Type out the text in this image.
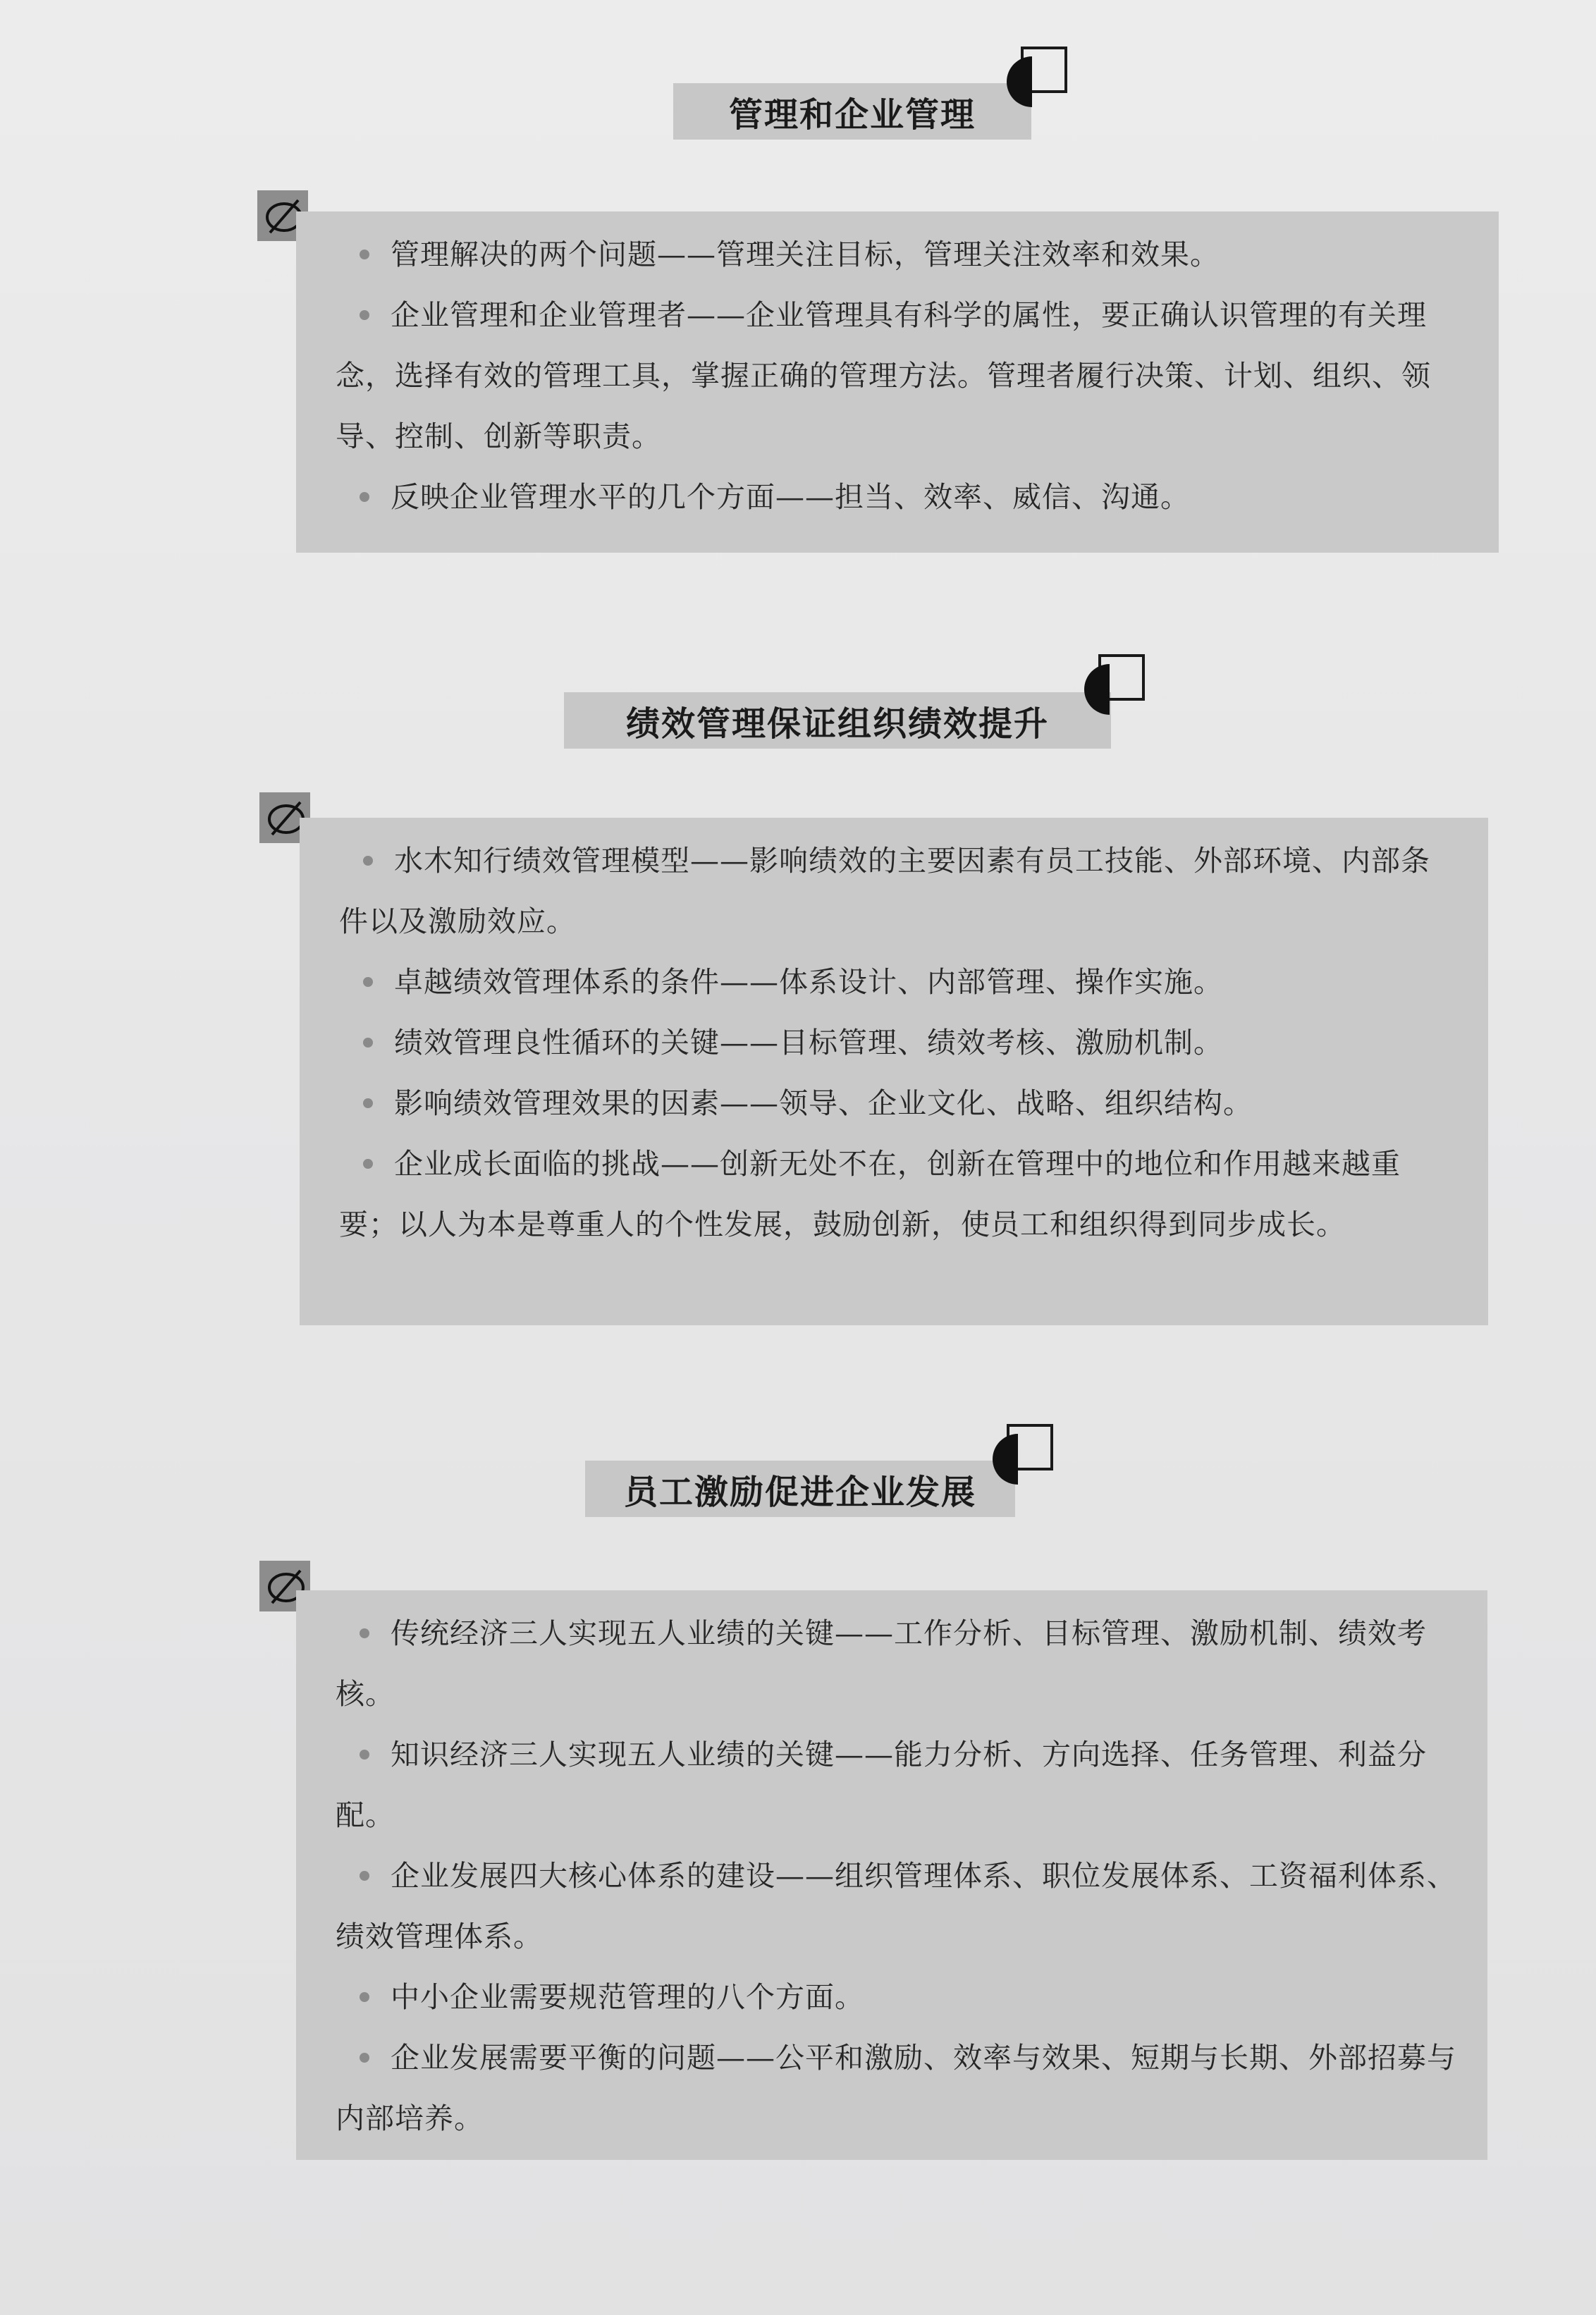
管理和企业管理

管理解决的两个问题——管理关注目标，管理关注效率和效果。

企业管理和企业管理者——企业管理具有科学的属性，要正确认识管理的有关理念，选择有效的管理工具，掌握正确的管理方法。管理者履行决策、计划、组织、领导、控制、创新等职责。

反映企业管理水平的几个方面——担当、效率、威信、沟通。

绩效管理保证组织绩效提升

水木知行绩效管理模型——影响绩效的主要因素有员工技能、外部环境、内部条件以及激励效应。

卓越绩效管理体系的条件——体系设计、内部管理、操作实施。

绩效管理良性循环的关键——目标管理、绩效考核、激励机制。

影响绩效管理效果的因素——领导、企业文化、战略、组织结构。

企业成长面临的挑战——创新无处不在，创新在管理中的地位和作用越来越重要；以人为本是尊重人的个性发展，鼓励创新，使员工和组织得到同步成长。

员工激励促进企业发展

传统经济三人实现五人业绩的关键——工作分析、目标管理、激励机制、绩效考核。

知识经济三人实现五人业绩的关键——能力分析、方向选择、任务管理、利益分配。

企业发展四大核心体系的建设——组织管理体系、职位发展体系、工资福利体系、绩效管理体系。

中小企业需要规范管理的八个方面。

企业发展需要平衡的问题——公平和激励、效率与效果、短期与长期、外部招募与内部培养。
